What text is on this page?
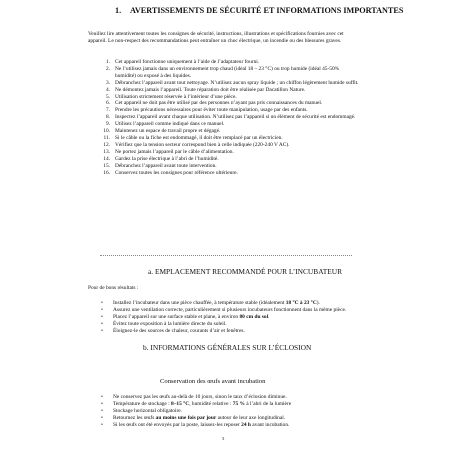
1.	AVERTISSEMENTS DE SÉCURITÉ ET INFORMATIONS IMPORTANTES

Veuillez lire attentivement toutes les consignes de sécurité, instructions, illustrations et spécifications fournies avec cet appareil. Le non-respect des recommandations peut entraîner un choc électrique, un incendie ou des blessures graves.

1. Cet appareil fonctionne uniquement à l’aide de l’adaptateur fourni.
2. Ne l’utilisez jamais dans un environnement trop chaud (idéal 18 – 23 °C) ou trop humide (idéal 45-50% humidité) ou exposé à des liquides.
3. Débranchez l’appareil avant tout nettoyage. N’utilisez aucun spray liquide ; un chiffon légèrement humide suffit.
4. Ne démontez jamais l’appareil. Toute réparation doit être réalisée par Dacatillon Nature.
5. Utilisation strictement réservée à l’intérieur d’une pièce.
6. Cet appareil ne doit pas être utilisé par des personnes n’ayant pas pris connaissances du manuel.
7. Prendre les précautions nécessaires pour éviter toute manipulation, usage par des enfants.
8. Inspectez l’appareil avant chaque utilisation. N’utilisez pas l’appareil si un élément de sécurité est endommagé.
9. Utilisez l’appareil comme indiqué dans ce manuel.
10. Maintenez un espace de travail propre et dégagé.
11. Si le câble ou la fiche est endommagé, il doit être remplacé par un électricien.
12. Vérifiez que la tension secteur correspond bien à celle indiquée (220-240 V AC).
13. Ne portez jamais l’appareil par le câble d’alimentation.
14. Gardez la prise électrique à l’abri de l’humidité.
15. Débranchez l’appareil avant toute intervention.
16. Conservez toutes les consignes pour référence ultérieure.
a. EMPLACEMENT RECOMMANDÉ POUR L’INCUBATEUR
Pour de bons résultats :
•	Installez l’incubateur dans une pièce chauffée, à température stable (idéalement 18 °C à 23 °C).
•	Assurez une ventilation correcte, particulièrement si plusieurs incubateurs fonctionnent dans la même pièce.
•	Placez l’appareil sur une surface stable et plane, à environ 80 cm du sol.
•	Évitez toute exposition à la lumière directe du soleil.
•	Éloignez-le des sources de chaleur, courants d’air et fenêtres.
b. INFORMATIONS GÉNÉRALES SUR L’ÉCLOSION
Conservation des œufs avant incubation
•	Ne conservez pas les œufs au-delà de 10 jours, sinon le taux d’éclosion diminue.
•	Température de stockage : 8–15 °C, humidité relative : 75 % à l’abri de la lumière
•	Stockage horizontal obligatoire.
•	Retournez les œufs au moins une fois par jour autour de leur axe longitudinal.
•	Si les œufs ont été envoyés par la poste, laissez-les reposer 24 h avant incubation.
3
